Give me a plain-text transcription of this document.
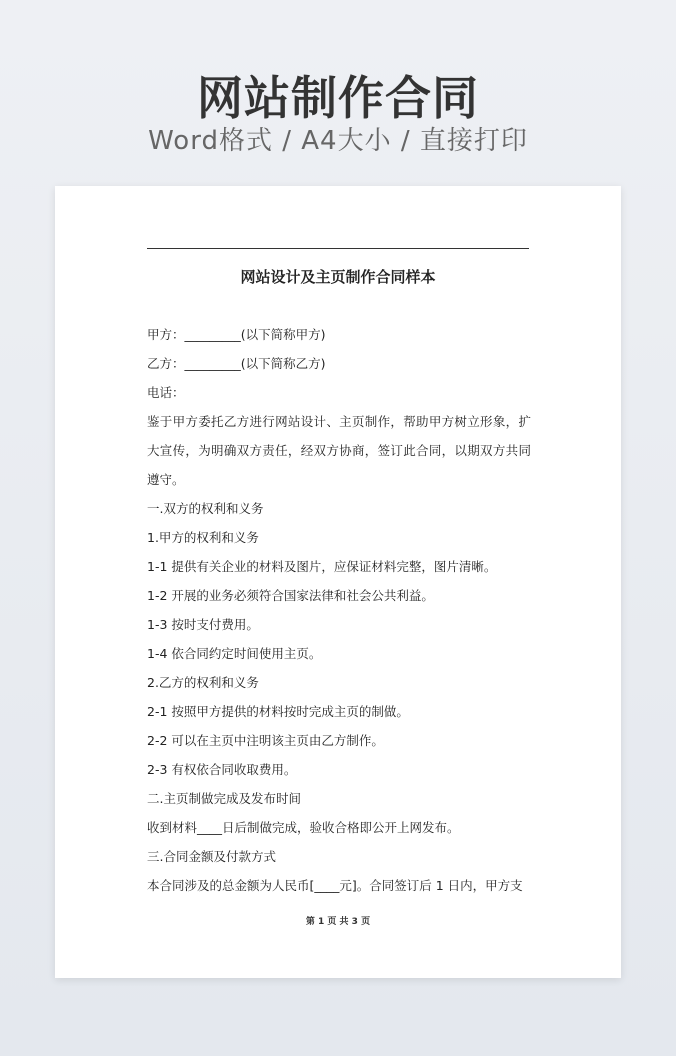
网站制作合同
Word格式 / A4大小 / 直接打印
网站设计及主页制作合同样本
甲方：_________(以下简称甲方)
乙方：_________(以下简称乙方)
电话：
鉴于甲方委托乙方进行网站设计、主页制作，帮助甲方树立形象，扩大宣传，为明确双方责任，经双方协商，签订此合同，以期双方共同遵守。
一.双方的权利和义务
1.甲方的权利和义务
1-1 提供有关企业的材料及图片，应保证材料完整，图片清晰。
1-2 开展的业务必须符合国家法律和社会公共利益。
1-3 按时支付费用。
1-4 依合同约定时间使用主页。
2.乙方的权利和义务
2-1 按照甲方提供的材料按时完成主页的制做。
2-2 可以在主页中注明该主页由乙方制作。
2-3 有权依合同收取费用。
二.主页制做完成及发布时间
收到材料____日后制做完成，验收合格即公开上网发布。
三.合同金额及付款方式
本合同涉及的总金额为人民币[____元]。合同签订后 1 日内，甲方支
第 1 页 共 3 页
